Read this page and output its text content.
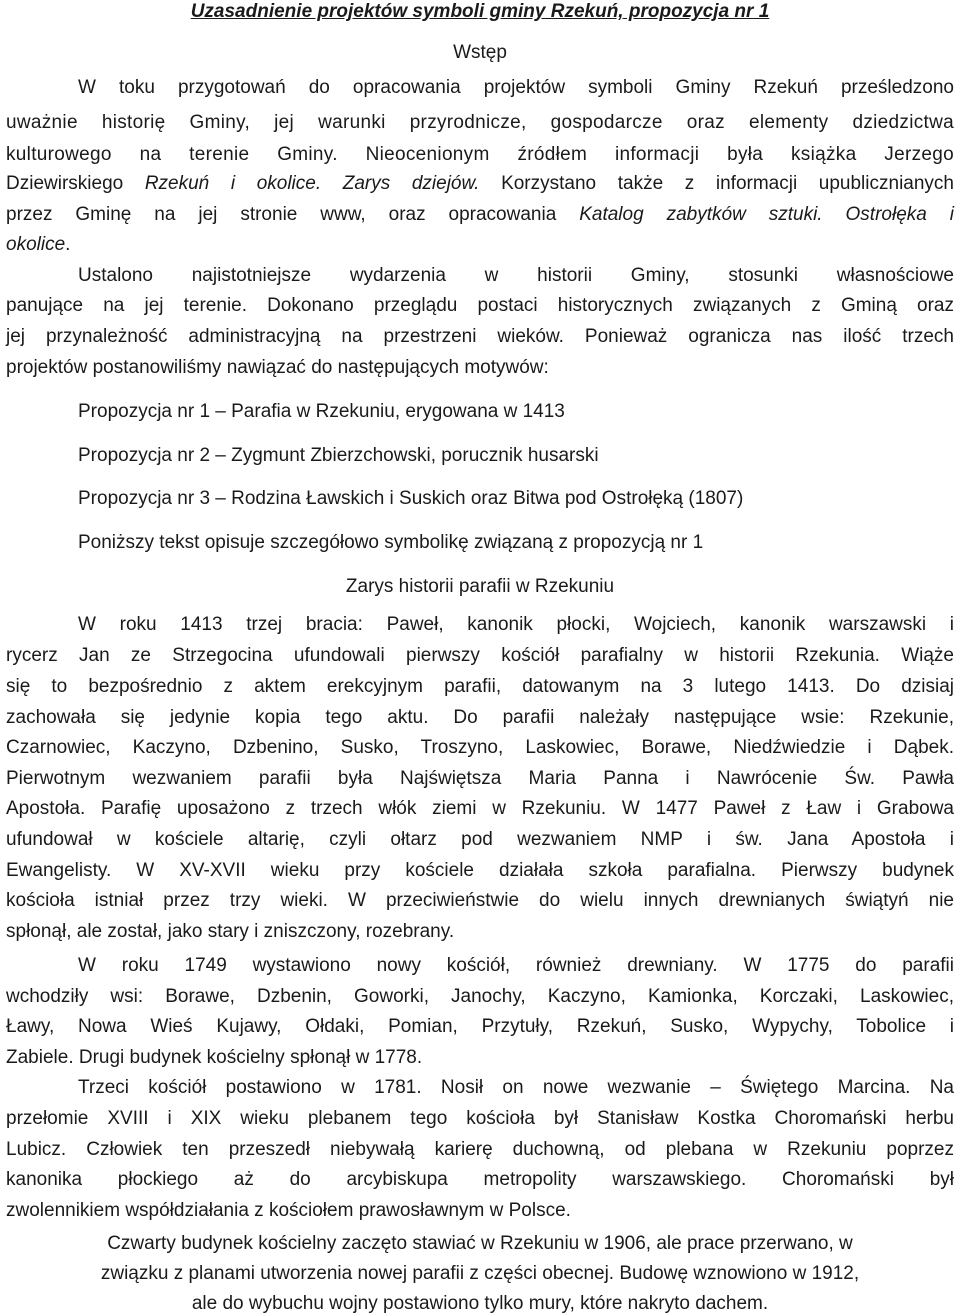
Uzasadnienie projektów symboli gminy Rzekuń, propozycja nr 1
Wstęp
W toku przygotowań do opracowania projektów symboli Gminy Rzekuń prześledzono
uważnie historię Gminy, jej warunki przyrodnicze, gospodarcze oraz elementy dziedzictwa
kulturowego na terenie Gminy. Nieocenionym źródłem informacji była książka Jerzego
Dziewirskiego Rzekuń i okolice. Zarys dziejów. Korzystano także z informacji upublicznianych
przez Gminę na jej stronie www, oraz opracowania Katalog zabytków sztuki. Ostrołęka i
okolice.
Ustalono najistotniejsze wydarzenia w historii Gminy, stosunki własnościowe
panujące na jej terenie. Dokonano przeglądu postaci historycznych związanych z Gminą oraz
jej przynależność administracyjną na przestrzeni wieków. Ponieważ ogranicza nas ilość trzech
projektów postanowiliśmy nawiązać do następujących motywów:
Propozycja nr 1 – Parafia w Rzekuniu, erygowana w 1413
Propozycja nr 2 – Zygmunt Zbierzchowski, porucznik husarski
Propozycja nr 3 – Rodzina Ławskich i Suskich oraz Bitwa pod Ostrołęką (1807)
Poniższy tekst opisuje szczegółowo symbolikę związaną z propozycją nr 1
Zarys historii parafii w Rzekuniu
W roku 1413 trzej bracia: Paweł, kanonik płocki, Wojciech, kanonik warszawski i
rycerz Jan ze Strzegocina ufundowali pierwszy kościół parafialny w historii Rzekunia. Wiąże
się to bezpośrednio z aktem erekcyjnym parafii, datowanym na 3 lutego 1413. Do dzisiaj
zachowała się jedynie kopia tego aktu. Do parafii należały następujące wsie: Rzekunie,
Czarnowiec, Kaczyno, Dzbenino, Susko, Troszyno, Laskowiec, Borawe, Niedźwiedzie i Dąbek.
Pierwotnym wezwaniem parafii była Najświętsza Maria Panna i Nawrócenie Św. Pawła
Apostoła. Parafię uposażono z trzech włók ziemi w Rzekuniu. W 1477 Paweł z Ław i Grabowa
ufundował w kościele altarię, czyli ołtarz pod wezwaniem NMP i św. Jana Apostoła i
Ewangelisty. W XV-XVII wieku przy kościele działała szkoła parafialna. Pierwszy budynek
kościoła istniał przez trzy wieki. W przeciwieństwie do wielu innych drewnianych świątyń nie
spłonął, ale został, jako stary i zniszczony, rozebrany.
W roku 1749 wystawiono nowy kościół, również drewniany. W 1775 do parafii
wchodziły wsi: Borawe, Dzbenin, Goworki, Janochy, Kaczyno, Kamionka, Korczaki, Laskowiec,
Ławy, Nowa Wieś Kujawy, Ołdaki, Pomian, Przytuły, Rzekuń, Susko, Wypychy, Tobolice i
Zabiele. Drugi budynek kościelny spłonął w 1778.
Trzeci kościół postawiono w 1781. Nosił on nowe wezwanie – Świętego Marcina. Na
przełomie XVIII i XIX wieku plebanem tego kościoła był Stanisław Kostka Choromański herbu
Lubicz. Człowiek ten przeszedł niebywałą karierę duchowną, od plebana w Rzekuniu poprzez
kanonika płockiego aż do arcybiskupa metropolity warszawskiego. Choromański był
zwolennikiem współdziałania z kościołem prawosławnym w Polsce.
Czwarty budynek kościelny zaczęto stawiać w Rzekuniu w 1906, ale prace przerwano, w
związku z planami utworzenia nowej parafii z części obecnej. Budowę wznowiono w 1912,
ale do wybuchu wojny postawiono tylko mury, które nakryto dachem.
